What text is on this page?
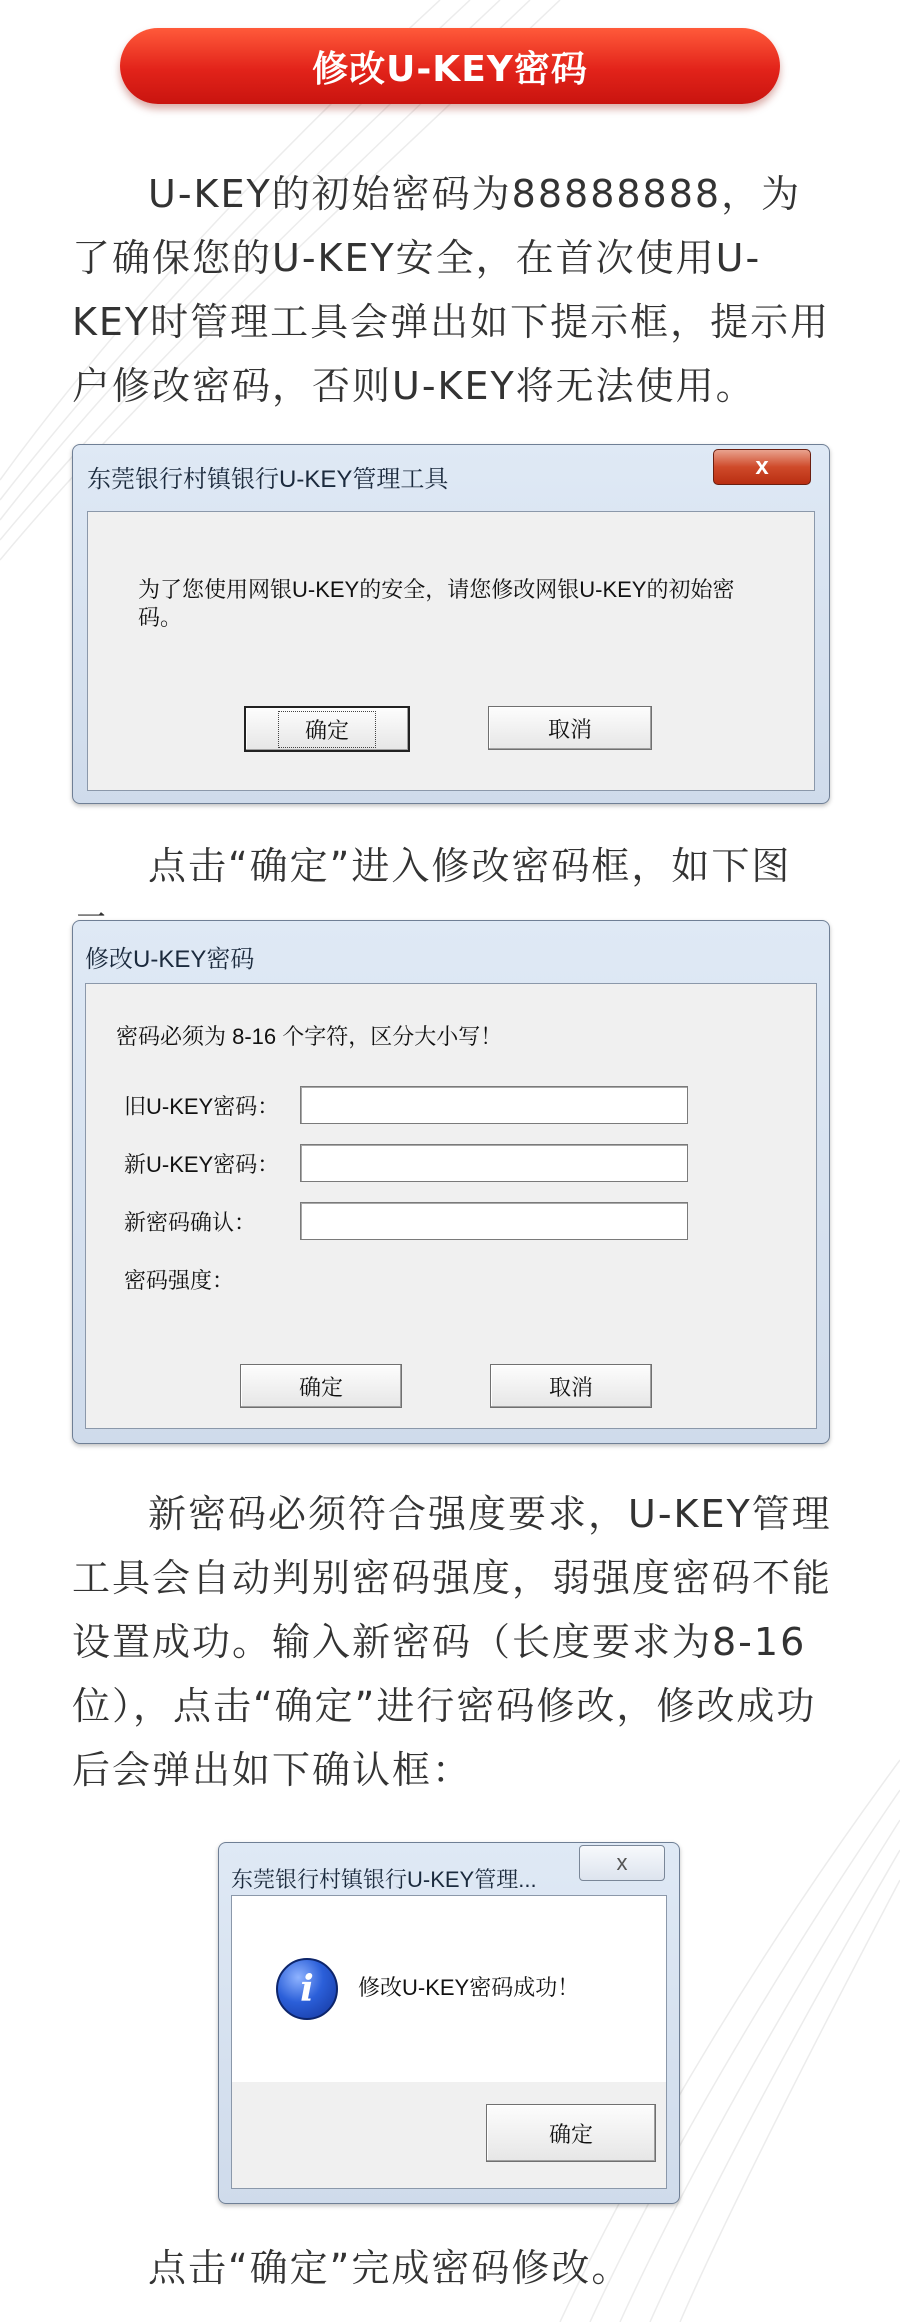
修改U-KEY密码

U-KEY的初始密码为88888888，为了确保您的U-KEY安全，在首次使用U-KEY时管理工具会弹出如下提示框，提示用户修改密码，否则U-KEY将无法使用。

东莞银行村镇银行U-KEY管理工具	x
为了您使用网银U-KEY的安全，请您修改网银U-KEY的初始密码。
确定	取消

点击“确定”进入修改密码框，如下图

修改U-KEY密码
密码必须为 8-16 个字符，区分大小写！
旧U-KEY密码：
新U-KEY密码：
新密码确认：
密码强度：
确定	取消

新密码必须符合强度要求，U-KEY管理工具会自动判别密码强度，弱强度密码不能设置成功。输入新密码（长度要求为8-16位），点击“确定”进行密码修改，修改成功后会弹出如下确认框：

东莞银行村镇银行U-KEY管理...
x
i 修改U-KEY密码成功！
确定

点击“确定”完成密码修改。
